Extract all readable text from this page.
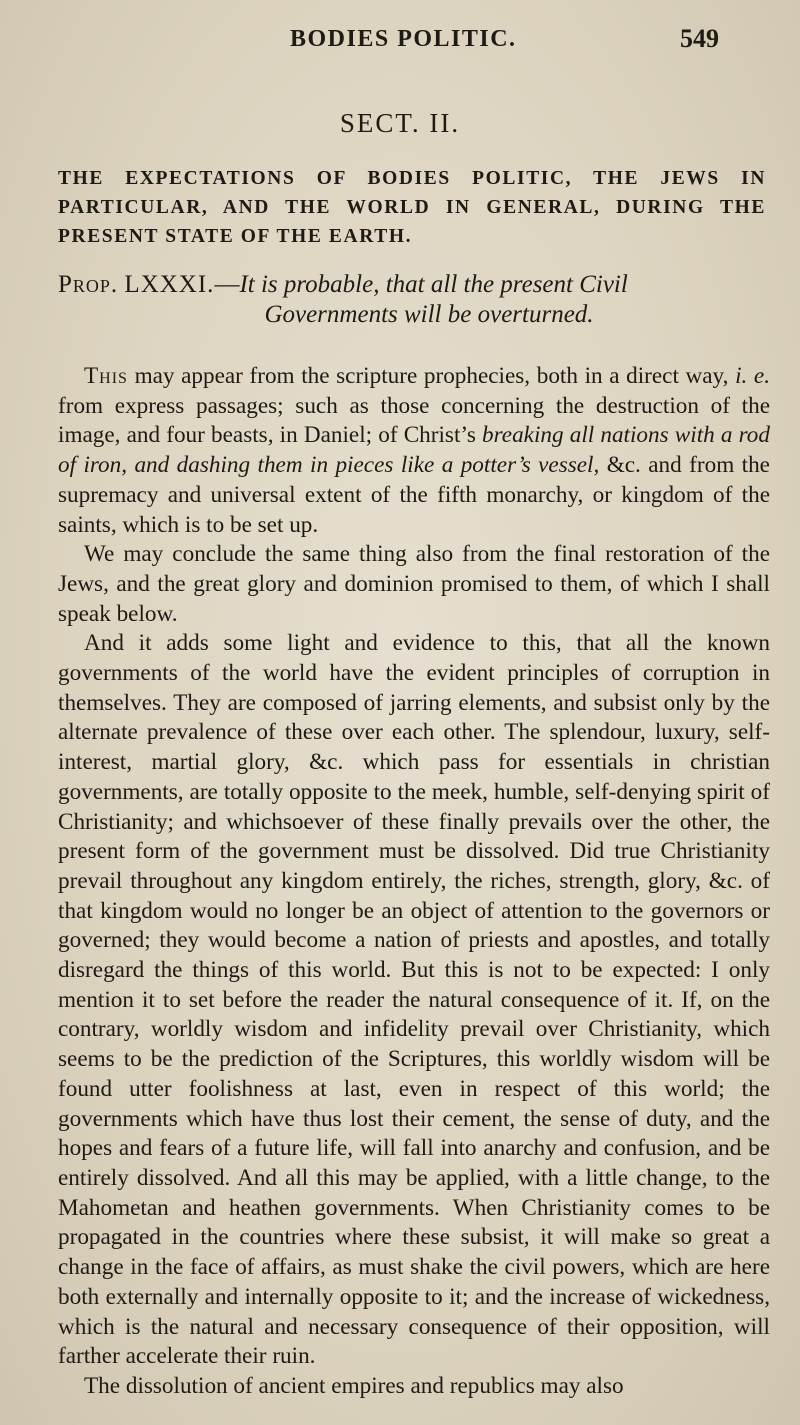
BODIES POLITIC.	549
SECT. II.
THE EXPECTATIONS OF BODIES POLITIC, THE JEWS IN PARTICULAR, AND THE WORLD IN GENERAL, DURING THE PRESENT STATE OF THE EARTH.
Prop. LXXXI.—It is probable, that all the present Civil
Governments will be overturned.

This may appear from the scripture prophecies, both in a direct way, i. e. from express passages; such as those concerning the destruction of the image, and four beasts, in Daniel; of Christ’s breaking all nations with a rod of iron, and dashing them in pieces like a potter’s vessel, &c. and from the supremacy and universal extent of the fifth monarchy, or kingdom of the saints, which is to be set up.

We may conclude the same thing also from the final restoration of the Jews, and the great glory and dominion promised to them, of which I shall speak below.

And it adds some light and evidence to this, that all the known governments of the world have the evident principles of corruption in themselves. They are composed of jarring elements, and subsist only by the alternate prevalence of these over each other. The splendour, luxury, self-interest, martial glory, &c. which pass for essentials in christian governments, are totally opposite to the meek, humble, self-denying spirit of Christianity; and whichsoever of these finally prevails over the other, the present form of the government must be dissolved. Did true Christianity prevail throughout any kingdom entirely, the riches, strength, glory, &c. of that kingdom would no longer be an object of attention to the governors or governed; they would become a nation of priests and apostles, and totally disregard the things of this world. But this is not to be expected: I only mention it to set before the reader the natural consequence of it. If, on the contrary, worldly wisdom and infidelity prevail over Christianity, which seems to be the prediction of the Scriptures, this worldly wisdom will be found utter foolishness at last, even in respect of this world; the governments which have thus lost their cement, the sense of duty, and the hopes and fears of a future life, will fall into anarchy and confusion, and be entirely dissolved. And all this may be applied, with a little change, to the Mahometan and heathen governments. When Christianity comes to be propagated in the countries where these subsist, it will make so great a change in the face of affairs, as must shake the civil powers, which are here both externally and internally opposite to it; and the increase of wickedness, which is the natural and necessary consequence of their opposition, will farther accelerate their ruin.

The dissolution of ancient empires and republics may also
